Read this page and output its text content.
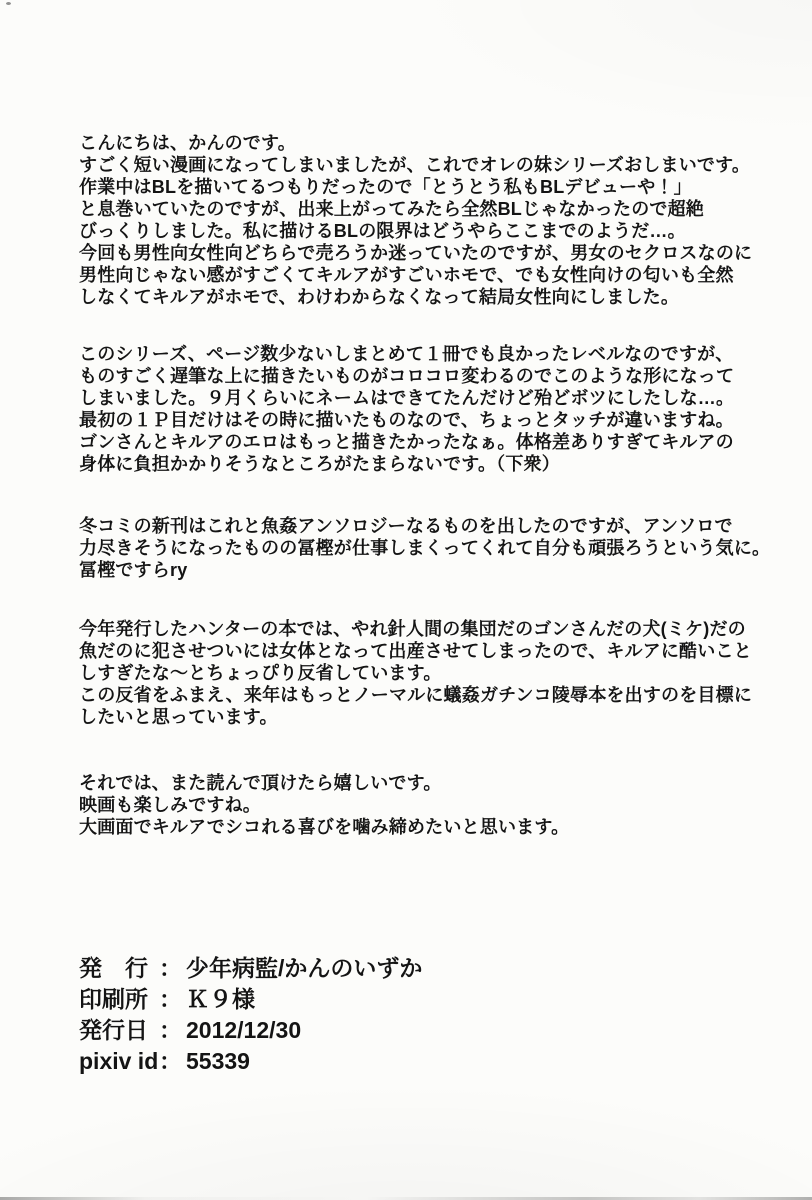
こんにちは、かんのです。

すごく短い漫画になってしまいましたが、これでオレの妹シリーズおしまいです。

作業中はBLを描いてるつもりだったので「とうとう私もBLデビューや！」

と息巻いていたのですが、出来上がってみたら全然BLじゃなかったので超絶

びっくりしました。私に描けるBLの限界はどうやらここまでのようだ…。

今回も男性向女性向どちらで売ろうか迷っていたのですが、男女のセクロスなのに

男性向じゃない感がすごくてキルアがすごいホモで、でも女性向けの匂いも全然

しなくてキルアがホモで、わけわからなくなって結局女性向にしました。

このシリーズ、ページ数少ないしまとめて１冊でも良かったレベルなのですが、

ものすごく遅筆な上に描きたいものがコロコロ変わるのでこのような形になって

しまいました。９月くらいにネームはできてたんだけど殆どボツにしたしな…。

最初の１Ｐ目だけはその時に描いたものなので、ちょっとタッチが違いますね。

ゴンさんとキルアのエロはもっと描きたかったなぁ。体格差ありすぎてキルアの

身体に負担かかりそうなところがたまらないです。（下衆）

冬コミの新刊はこれと魚姦アンソロジーなるものを出したのですが、アンソロで

力尽きそうになったものの冨樫が仕事しまくってくれて自分も頑張ろうという気に。

冨樫ですらry

今年発行したハンターの本では、やれ針人間の集団だのゴンさんだの犬(ミケ)だの

魚だのに犯させついには女体となって出産させてしまったので、キルアに酷いこと

しすぎたな～とちょっぴり反省しています。

この反省をふまえ、来年はもっとノーマルに蟻姦ガチンコ陵辱本を出すのを目標に

したいと思っています。

それでは、また読んで頂けたら嬉しいです。

映画も楽しみですね。

大画面でキルアでシコれる喜びを噛み締めたいと思います。

発　行 ： 少年病監/かんのいずか
印刷所 ： Ｋ９様
発行日 ： 2012/12/30
pixiv id： 55339
